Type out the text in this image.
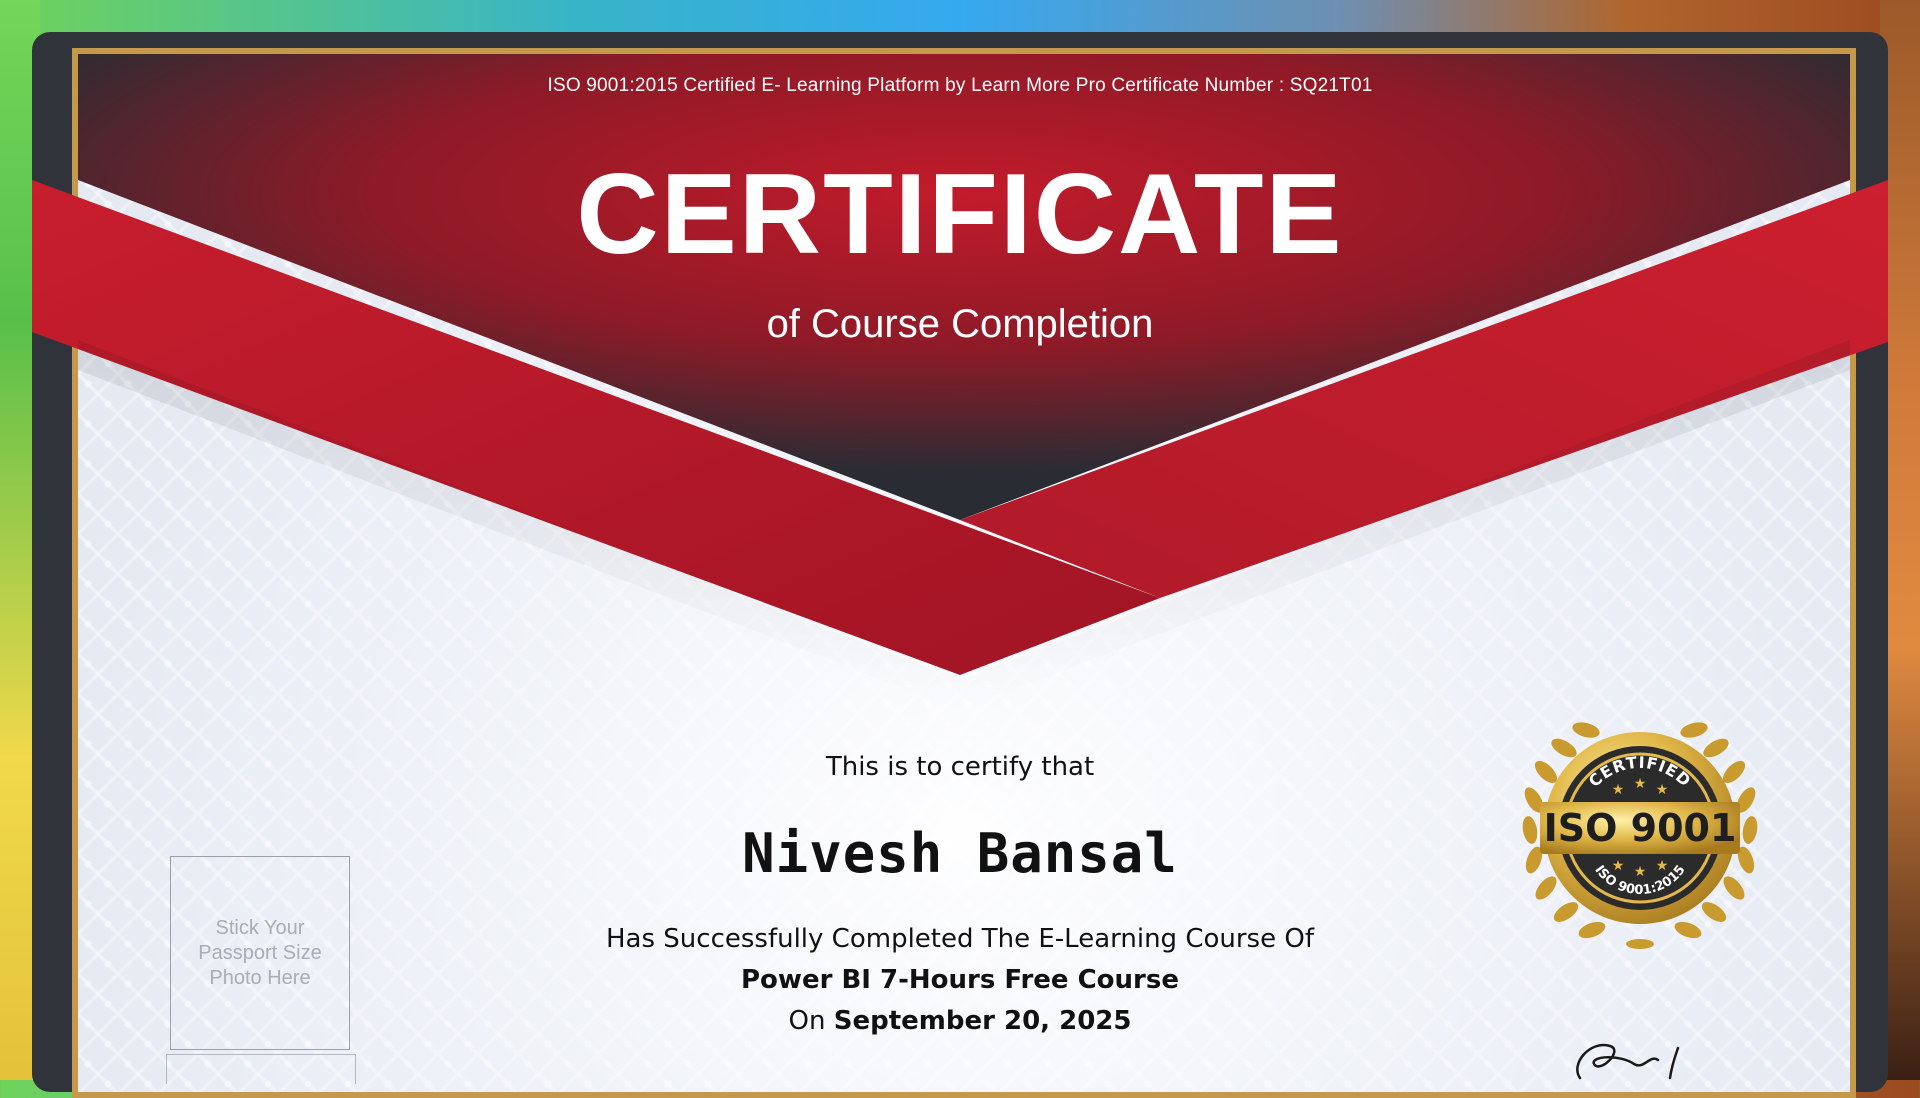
ISO 9001:2015 Certified E- Learning Platform by Learn More Pro Certificate Number : SQ21T01
CERTIFICATE
of Course Completion
This is to certify that
Nivesh Bansal
Has Successfully Completed The E-Learning Course Of
Power BI 7-Hours Free Course
On September 20, 2025
Stick Your
Passport Size
Photo Here
CERTIFIED
ISO 9001:2015
ISO 9001
★ ★ ★
★ ★ ★
